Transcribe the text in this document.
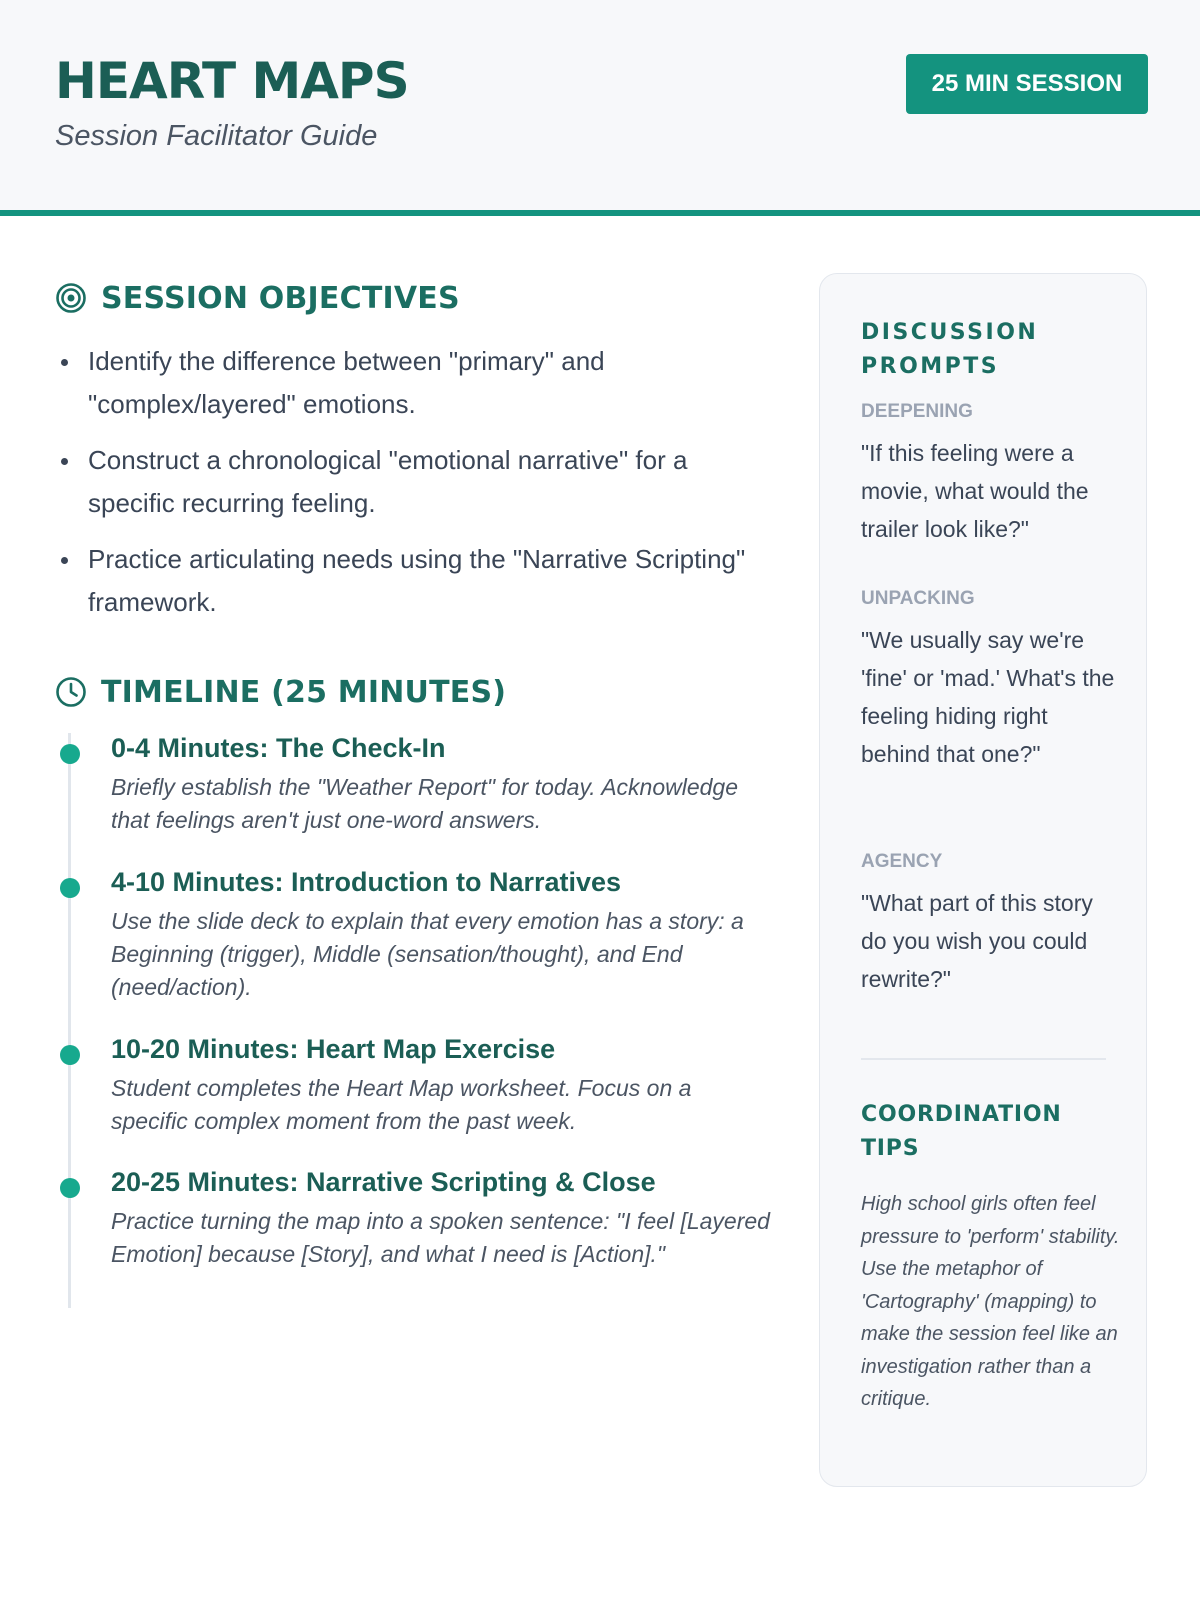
HEART MAPS
Session Facilitator Guide
25 MIN SESSION
SESSION OBJECTIVES
Identify the difference between "primary" and "complex/layered" emotions.
Construct a chronological "emotional narrative" for a specific recurring feeling.
Practice articulating needs using the "Narrative Scripting" framework.
TIMELINE (25 MINUTES)
0-4 Minutes: The Check-In
Briefly establish the "Weather Report" for today. Acknowledge that feelings aren't just one-word answers.
4-10 Minutes: Introduction to Narratives
Use the slide deck to explain that every emotion has a story: a Beginning (trigger), Middle (sensation/thought), and End (need/action).
10-20 Minutes: Heart Map Exercise
Student completes the Heart Map worksheet. Focus on a specific complex moment from the past week.
20-25 Minutes: Narrative Scripting & Close
Practice turning the map into a spoken sentence: "I feel [Layered Emotion] because [Story], and what I need is [Action]."
DISCUSSION PROMPTS
DEEPENING
"If this feeling were a movie, what would the trailer look like?"
UNPACKING
"We usually say we're 'fine' or 'mad.' What's the feeling hiding right behind that one?"
AGENCY
"What part of this story do you wish you could rewrite?"
COORDINATION TIPS
High school girls often feel pressure to 'perform' stability. Use the metaphor of 'Cartography' (mapping) to make the session feel like an investigation rather than a critique.
